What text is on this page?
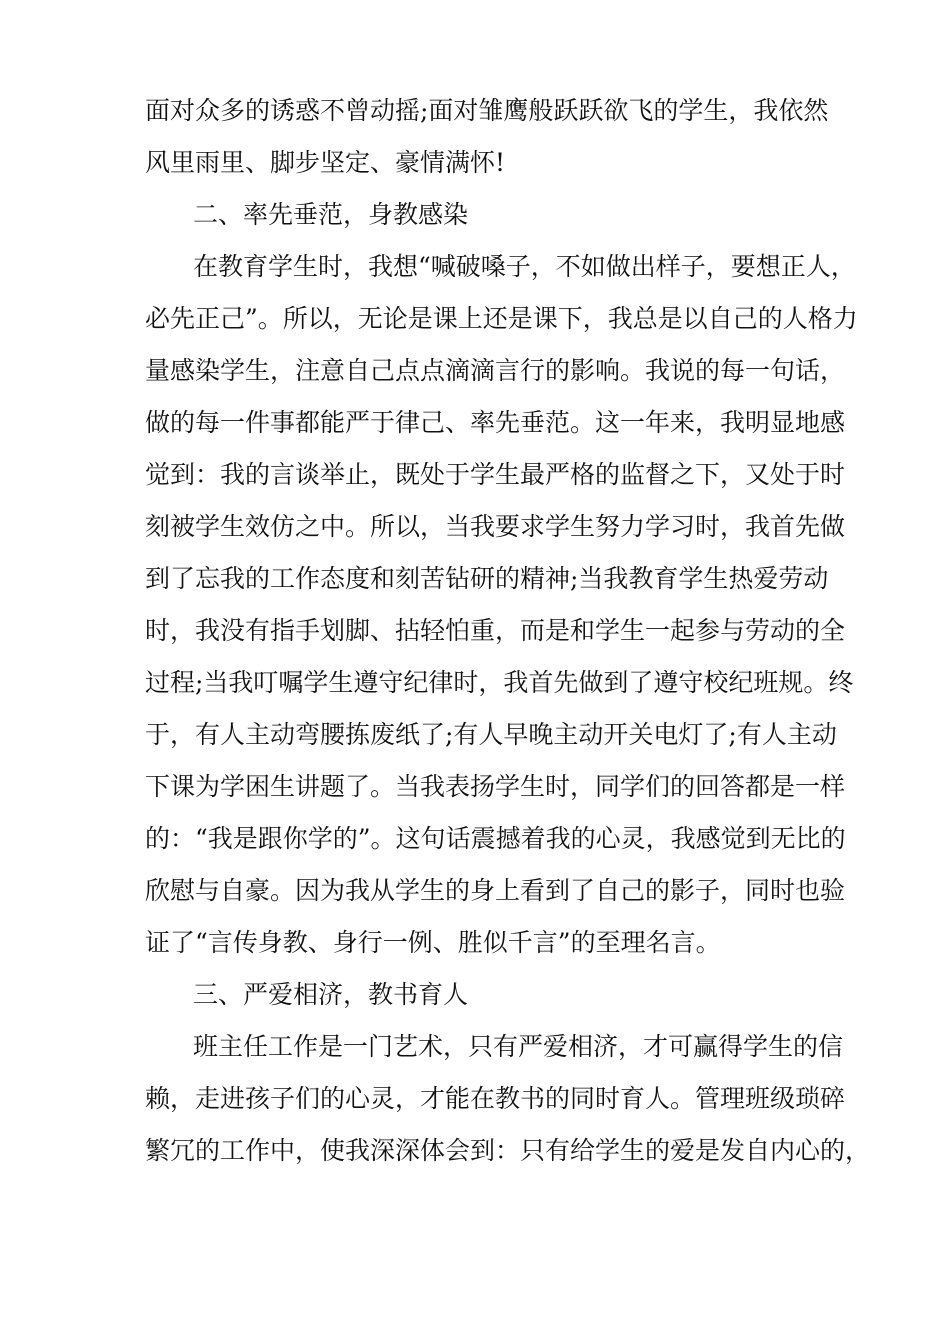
面对众多的诱惑不曾动摇;面对雏鹰般跃跃欲飞的学生，我依然
风里雨里、脚步坚定、豪情满怀!
二、率先垂范，身教感染
在教育学生时，我想“喊破嗓子，不如做出样子，要想正人，
必先正己”。所以，无论是课上还是课下，我总是以自己的人格力
量感染学生，注意自己点点滴滴言行的影响。我说的每一句话，
做的每一件事都能严于律己、率先垂范。这一年来，我明显地感
觉到：我的言谈举止，既处于学生最严格的监督之下，又处于时
刻被学生效仿之中。所以，当我要求学生努力学习时，我首先做
到了忘我的工作态度和刻苦钻研的精神;当我教育学生热爱劳动
时，我没有指手划脚、拈轻怕重，而是和学生一起参与劳动的全
过程;当我叮嘱学生遵守纪律时，我首先做到了遵守校纪班规。终
于，有人主动弯腰拣废纸了;有人早晚主动开关电灯了;有人主动
下课为学困生讲题了。当我表扬学生时，同学们的回答都是一样
的：“我是跟你学的”。这句话震撼着我的心灵，我感觉到无比的
欣慰与自豪。因为我从学生的身上看到了自己的影子，同时也验
证了“言传身教、身行一例、胜似千言”的至理名言。
三、严爱相济，教书育人
班主任工作是一门艺术，只有严爱相济，才可赢得学生的信
赖，走进孩子们的心灵，才能在教书的同时育人。管理班级琐碎
繁冗的工作中，使我深深体会到：只有给学生的爱是发自内心的，
